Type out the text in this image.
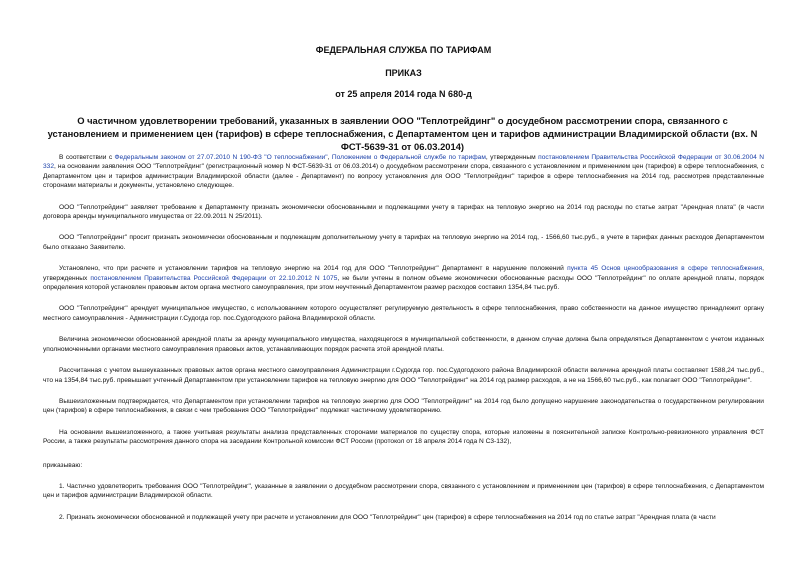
ФЕДЕРАЛЬНАЯ СЛУЖБА ПО ТАРИФАМ
ПРИКАЗ
от 25 апреля 2014 года N 680-д
О частичном удовлетворении требований, указанных в заявлении ООО "Теплотрейдинг" о досудебном рассмотрении спора, связанного с установлением и применением цен (тарифов) в сфере теплоснабжения, с Департаментом цен и тарифов администрации Владимирской области (вх. N ФСТ-5639-31 от 06.03.2014)

В соответствии с Федеральным законом от 27.07.2010 N 190-ФЗ "О теплоснабжении", Положением о Федеральной службе по тарифам, утвержденным постановлением Правительства Российской Федерации от 30.06.2004 N 332, на основании заявления ООО "Теплотрейдинг" (регистрационный номер N ФСТ-5639-31 от 06.03.2014) о досудебном рассмотрении спора, связанного с установлением и применением цен (тарифов) в сфере теплоснабжения, с Департаментом цен и тарифов администрации Владимирской области (далее - Департамент) по вопросу установления для ООО "Теплотрейдинг" тарифов в сфере теплоснабжения на 2014 год, рассмотрев представленные сторонами материалы и документы, установлено следующее.

ООО "Теплотрейдинг" заявляет требование к Департаменту признать экономически обоснованными и подлежащими учету в тарифах на тепловую энергию на 2014 год расходы по статье затрат "Арендная плата" (в части договора аренды муниципального имущества от 22.09.2011 N 25/2011).

ООО "Теплотрейдинг" просит признать экономически обоснованным и подлежащим дополнительному учету в тарифах на тепловую энергию на 2014 год, - 1566,60 тыс.руб., в учете в тарифах данных расходов Департаментом было отказано Заявителю.

Установлено, что при расчете и установлении тарифов на тепловую энергию на 2014 год для ООО "Теплотрейдинг" Департамент в нарушение положений пункта 45 Основ ценообразования в сфере теплоснабжения, утвержденных постановлением Правительства Российской Федерации от 22.10.2012 N 1075, не были учтены в полном объеме экономически обоснованные расходы ООО "Теплотрейдинг" по оплате арендной платы, порядок определения которой установлен правовым актом органа местного самоуправления, при этом неучтенный Департаментом размер расходов составил 1354,84 тыс.руб.

ООО "Теплотрейдинг" арендует муниципальное имущество, с использованием которого осуществляет регулируемую деятельность в сфере теплоснабжения, право собственности на данное имущество принадлежит органу местного самоуправления - Администрации г.Судогда гор. пос.Судогодского района Владимирской области.

Величина экономически обоснованной арендной платы за аренду муниципального имущества, находящегося в муниципальной собственности, в данном случае должна была определяться Департаментом с учетом изданных уполномоченными органами местного самоуправления правовых актов, устанавливающих порядок расчета этой арендной платы.

Рассчитанная с учетом вышеуказанных правовых актов органа местного самоуправления Администрации г.Судогда гор. пос.Судогодского района Владимирской области величина арендной платы составляет 1588,24 тыс.руб., что на 1354,84 тыс.руб. превышает учтенный Департаментом при установлении тарифов на тепловую энергию для ООО "Теплотрейдинг" на 2014 год размер расходов, а не на 1566,60 тыс.руб., как полагает ООО "Теплотрейдинг".

Вышеизложенным подтверждается, что Департаментом при установлении тарифов на тепловую энергию для ООО "Теплотрейдинг" на 2014 год было допущено нарушение законодательства о государственном регулировании цен (тарифов) в сфере теплоснабжения, в связи с чем требования ООО "Теплотрейдинг" подлежат частичному удовлетворению.

На основании вышеизложенного, а также учитывая результаты анализа представленных сторонами материалов по существу спора, которые изложены в пояснительной записке Контрольно-ревизионного управления ФСТ России, а также результаты рассмотрения данного спора на заседании Контрольной комиссии ФСТ России (протокол от 18 апреля 2014 года N С3-132),

приказываю:

1. Частично удовлетворить требования ООО "Теплотрейдинг", указанные в заявлении о досудебном рассмотрении спора, связанного с установлением и применением цен (тарифов) в сфере теплоснабжения, с Департаментом цен и тарифов администрации Владимирской области.

2. Признать экономически обоснованной и подлежащей учету при расчете и установлении для ООО "Теплотрейдинг" цен (тарифов) в сфере теплоснабжения на 2014 год по статье затрат "Арендная плата (в части
